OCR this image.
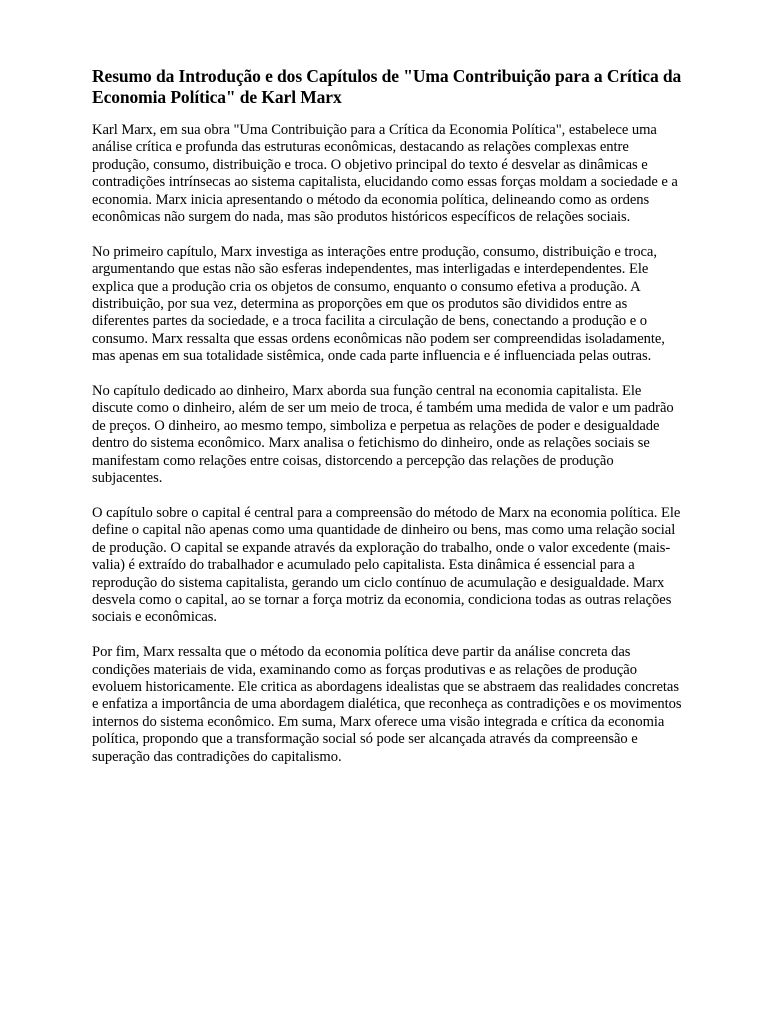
Resumo da Introdução e dos Capítulos de "Uma Contribuição para a Crítica da Economia Política" de Karl Marx

Karl Marx, em sua obra "Uma Contribuição para a Crítica da Economia Política", estabelece uma análise crítica e profunda das estruturas econômicas, destacando as relações complexas entre produção, consumo, distribuição e troca. O objetivo principal do texto é desvelar as dinâmicas e contradições intrínsecas ao sistema capitalista, elucidando como essas forças moldam a sociedade e a economia. Marx inicia apresentando o método da economia política, delineando como as ordens econômicas não surgem do nada, mas são produtos históricos específicos de relações sociais.

No primeiro capítulo, Marx investiga as interações entre produção, consumo, distribuição e troca, argumentando que estas não são esferas independentes, mas interligadas e interdependentes. Ele explica que a produção cria os objetos de consumo, enquanto o consumo efetiva a produção. A distribuição, por sua vez, determina as proporções em que os produtos são divididos entre as diferentes partes da sociedade, e a troca facilita a circulação de bens, conectando a produção e o consumo. Marx ressalta que essas ordens econômicas não podem ser compreendidas isoladamente, mas apenas em sua totalidade sistêmica, onde cada parte influencia e é influenciada pelas outras.

No capítulo dedicado ao dinheiro, Marx aborda sua função central na economia capitalista. Ele discute como o dinheiro, além de ser um meio de troca, é também uma medida de valor e um padrão de preços. O dinheiro, ao mesmo tempo, simboliza e perpetua as relações de poder e desigualdade dentro do sistema econômico. Marx analisa o fetichismo do dinheiro, onde as relações sociais se manifestam como relações entre coisas, distorcendo a percepção das relações de produção subjacentes.

O capítulo sobre o capital é central para a compreensão do método de Marx na economia política. Ele define o capital não apenas como uma quantidade de dinheiro ou bens, mas como uma relação social de produção. O capital se expande através da exploração do trabalho, onde o valor excedente (mais-valia) é extraído do trabalhador e acumulado pelo capitalista. Esta dinâmica é essencial para a reprodução do sistema capitalista, gerando um ciclo contínuo de acumulação e desigualdade. Marx desvela como o capital, ao se tornar a força motriz da economia, condiciona todas as outras relações sociais e econômicas.

Por fim, Marx ressalta que o método da economia política deve partir da análise concreta das condições materiais de vida, examinando como as forças produtivas e as relações de produção evoluem historicamente. Ele critica as abordagens idealistas que se abstraem das realidades concretas e enfatiza a importância de uma abordagem dialética, que reconheça as contradições e os movimentos internos do sistema econômico. Em suma, Marx oferece uma visão integrada e crítica da economia política, propondo que a transformação social só pode ser alcançada através da compreensão e superação das contradições do capitalismo.
